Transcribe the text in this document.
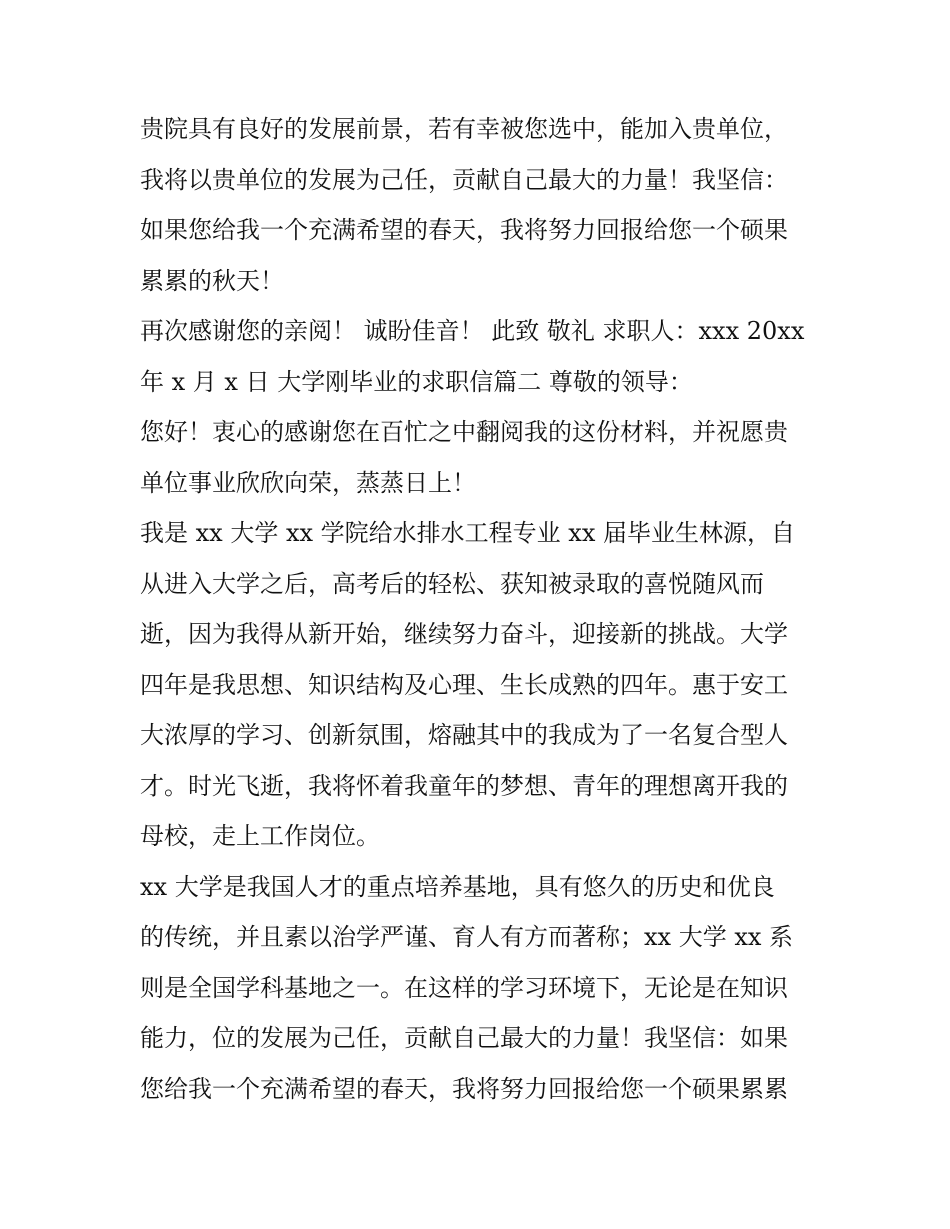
贵院具有良好的发展前景，若有幸被您选中，能加入贵单位，
我将以贵单位的发展为己任，贡献自己最大的力量！我坚信：
如果您给我一个充满希望的春天，我将努力回报给您一个硕果
累累的秋天！
再次感谢您的亲阅！ 诚盼佳音！ 此致 敬礼 求职人：xxx 20xx
年 x 月 x 日 大学刚毕业的求职信篇二 尊敬的领导：
您好！衷心的感谢您在百忙之中翻阅我的这份材料，并祝愿贵
单位事业欣欣向荣，蒸蒸日上！
我是 xx 大学 xx 学院给水排水工程专业 xx 届毕业生林源，自
从进入大学之后，高考后的轻松、获知被录取的喜悦随风而
逝，因为我得从新开始，继续努力奋斗，迎接新的挑战。大学
四年是我思想、知识结构及心理、生长成熟的四年。惠于安工
大浓厚的学习、创新氛围，熔融其中的我成为了一名复合型人
才。时光飞逝，我将怀着我童年的梦想、青年的理想离开我的
母校，走上工作岗位。
xx 大学是我国人才的重点培养基地，具有悠久的历史和优良
的传统，并且素以治学严谨、育人有方而著称；xx 大学 xx 系
则是全国学科基地之一。在这样的学习环境下，无论是在知识
能力，位的发展为己任，贡献自己最大的力量！我坚信：如果
您给我一个充满希望的春天，我将努力回报给您一个硕果累累
